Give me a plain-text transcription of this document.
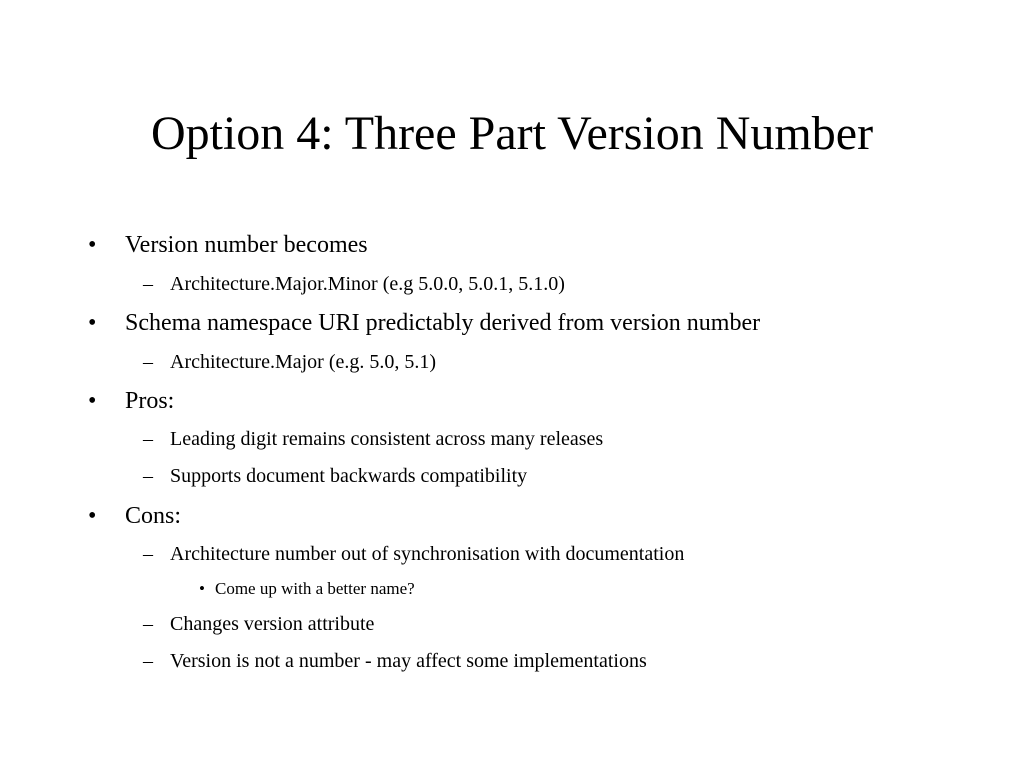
Option 4: Three Part Version Number
• Version number becomes
– Architecture.Major.Minor (e.g 5.0.0, 5.0.1, 5.1.0)
• Schema namespace URI predictably derived from version number
– Architecture.Major (e.g. 5.0, 5.1)
• Pros:
– Leading digit remains consistent across many releases
– Supports document backwards compatibility
• Cons:
– Architecture number out of synchronisation with documentation
• Come up with a better name?
– Changes version attribute
– Version is not a number - may affect some implementations
